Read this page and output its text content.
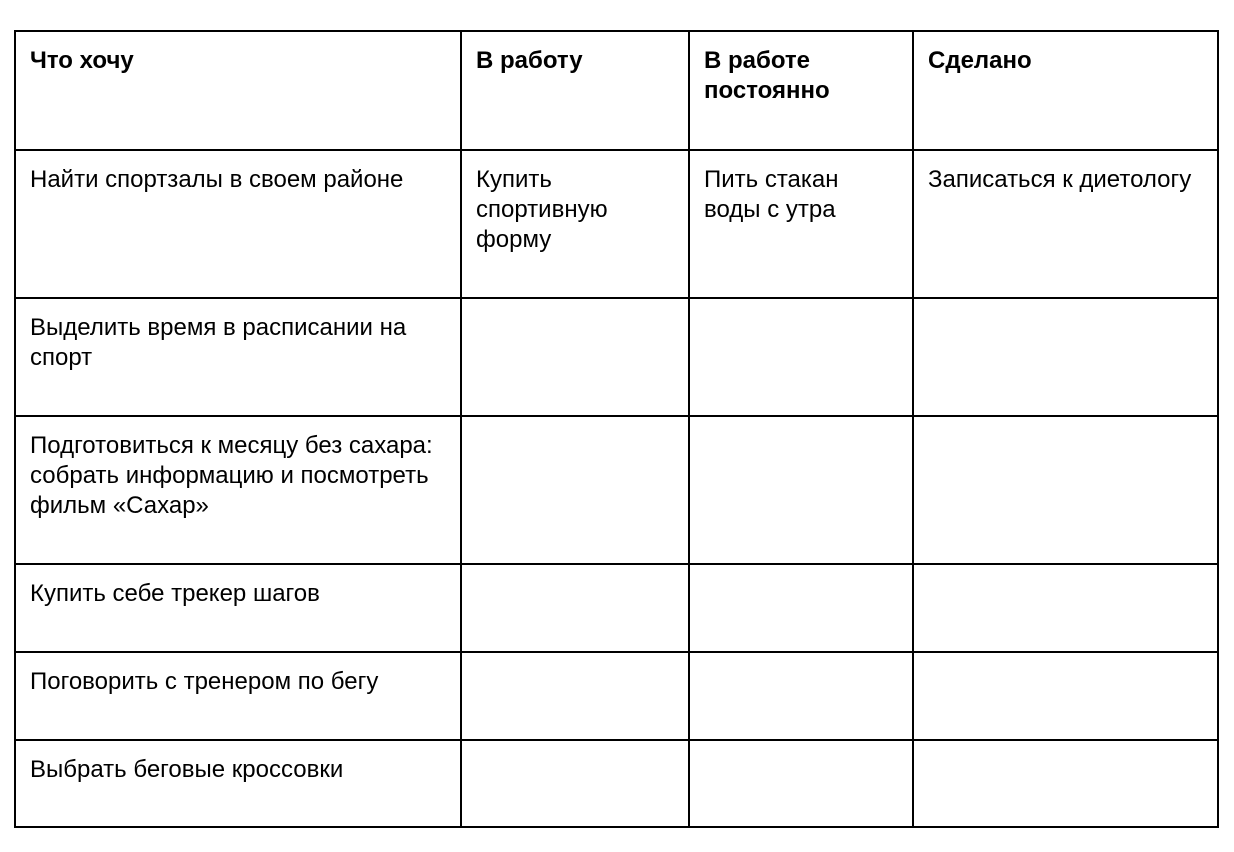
Что хочу	В работу	В работе постоянно	Сделано
Найти спортзалы в своем районе	Купить спортивную форму	Пить стакан воды с утра	Записаться к диетологу
Выделить время в расписании на спорт			
Подготовиться к месяцу без сахара: собрать информацию и посмотреть фильм «Сахар»			
Купить себе трекер шагов			
Поговорить с тренером по бегу			
Выбрать беговые кроссовки			
